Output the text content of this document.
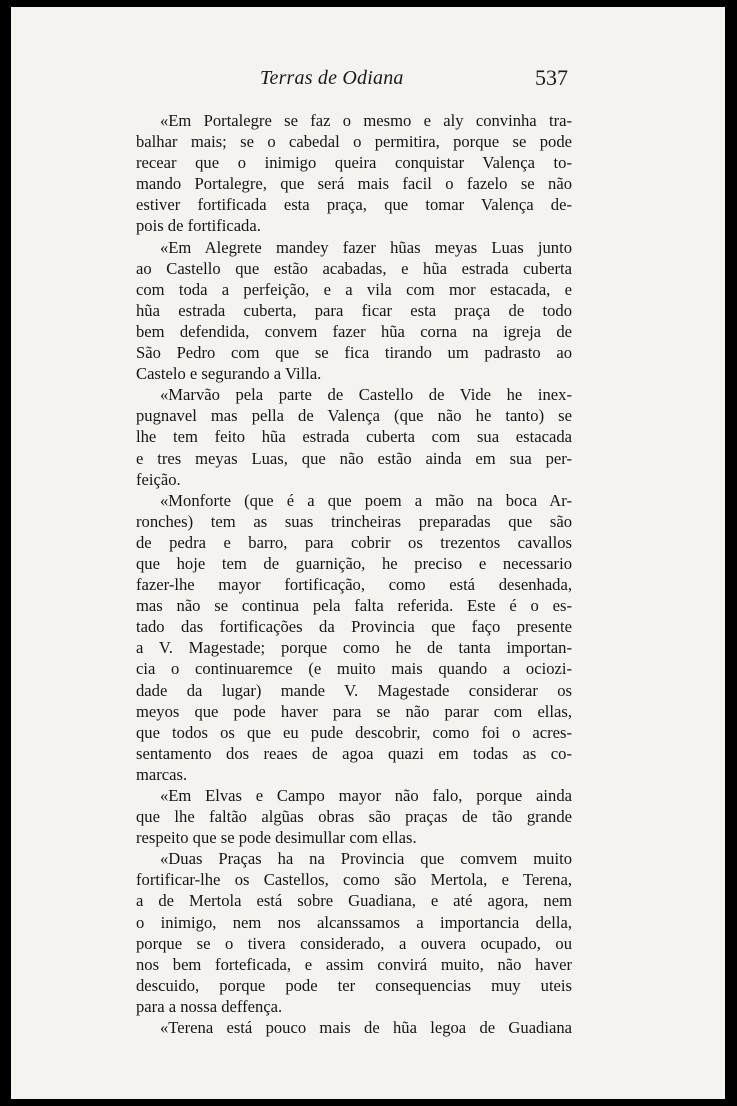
Terras de Odiana	537
«Em Portalegre se faz o mesmo e aly convinha tra-
balhar mais; se o cabedal o permitira, porque se pode
recear que o inimigo queira conquistar Valença to-
mando Portalegre, que será mais facil o fazelo se não
estiver fortificada esta praça, que tomar Valença de-
pois de fortificada.
«Em Alegrete mandey fazer hũas meyas Luas junto
ao Castello que estão acabadas, e hũa estrada cuberta
com toda a perfeição, e a vila com mor estacada, e
hũa estrada cuberta, para ficar esta praça de todo
bem defendida, convem fazer hũa corna na igreja de
São Pedro com que se fica tirando um padrasto ao
Castelo e segurando a Villa.
«Marvão pela parte de Castello de Vide he inex-
pugnavel mas pella de Valença (que não he tanto) se
lhe tem feito hũa estrada cuberta com sua estacada
e tres meyas Luas, que não estão ainda em sua per-
feição.
«Monforte (que é a que poem a mão na boca Ar-
ronches) tem as suas trincheiras preparadas que são
de pedra e barro, para cobrir os trezentos cavallos
que hoje tem de guarnição, he preciso e necessario
fazer-lhe mayor fortificação, como está desenhada,
mas não se continua pela falta referida. Este é o es-
tado das fortificações da Provincia que faço presente
a V. Magestade; porque como he de tanta importan-
cia o continuaremce (e muito mais quando a ociozi-
dade da lugar) mande V. Magestade considerar os
meyos que pode haver para se não parar com ellas,
que todos os que eu pude descobrir, como foi o acres-
sentamento dos reaes de agoa quazi em todas as co-
marcas.
«Em Elvas e Campo mayor não falo, porque ainda
que lhe faltão algũas obras são praças de tão grande
respeito que se pode desimullar com ellas.
«Duas Praças ha na Provincia que comvem muito
fortificar-lhe os Castellos, como são Mertola, e Terena,
a de Mertola está sobre Guadiana, e até agora, nem
o inimigo, nem nos alcanssamos a importancia della,
porque se o tivera considerado, a ouvera ocupado, ou
nos bem forteficada, e assim convirá muito, não haver
descuido, porque pode ter consequencias muy uteis
para a nossa deffença.
«Terena está pouco mais de hũa legoa de Guadiana
